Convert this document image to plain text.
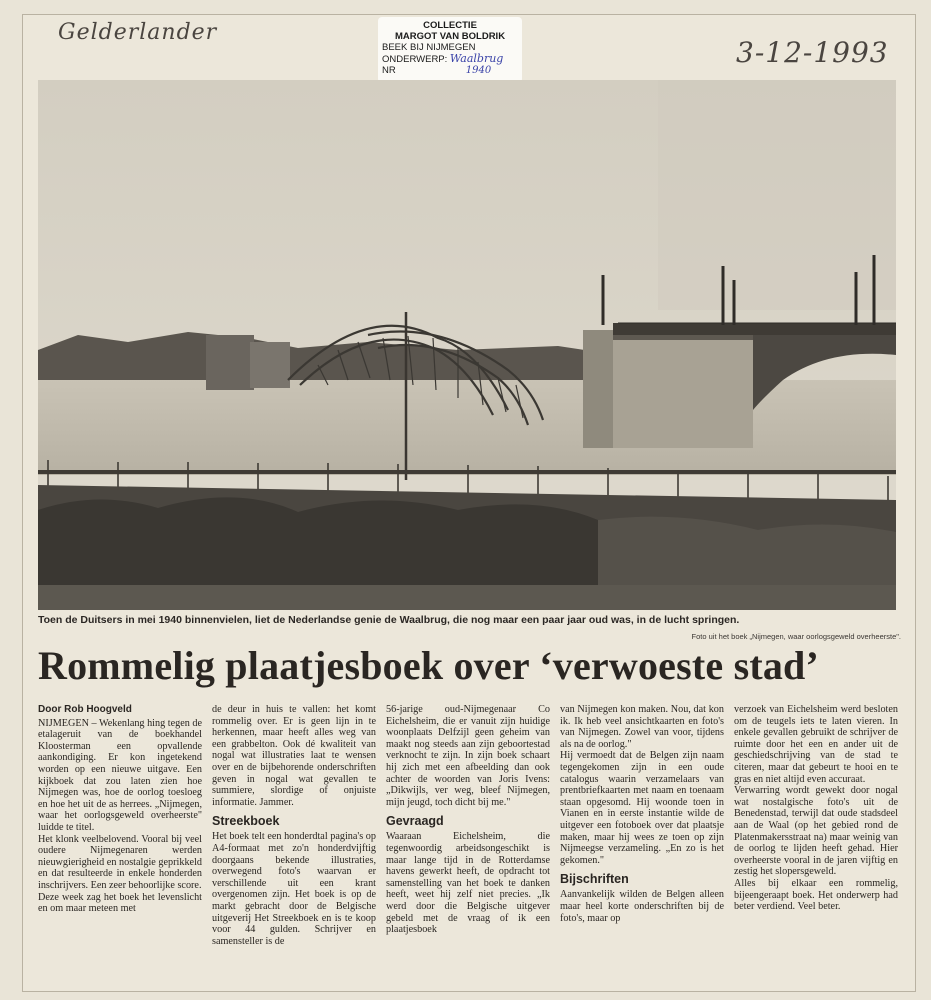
Gelderlander
3-12-1993
COLLECTIE
MARGOT VAN BOLDRIK
BEEK BIJ NIJMEGEN
ONDERWERP: Waalbrug
NR	1940
Toen de Duitsers in mei 1940 binnenvielen, liet de Nederlandse genie de Waalbrug, die nog maar een paar jaar oud was, in de lucht springen.
Foto uit het boek „Nijmegen, waar oorlogsgeweld overheerste".
Rommelig plaatjesboek over ‘verwoeste stad’

Door Rob Hoogveld

NIJMEGEN – Wekenlang hing tegen de etalageruit van de boekhandel Kloosterman een opvallende aankondiging. Er kon ingetekend worden op een nieuwe uitgave. Een kijkboek dat zou laten zien hoe Nijmegen was, hoe de oorlog toesloeg en hoe het uit de as herrees. „Nijmegen, waar het oorlogsgeweld overheerste" luidde te titel.

Het klonk veelbelovend. Vooral bij veel oudere Nijmegenaren werden nieuwgierigheid en nostalgie geprikkeld en dat resulteerde in enkele honderden inschrijvers. Een zeer behoorlijke score.

Deze week zag het boek het levenslicht en om maar meteen met

de deur in huis te vallen: het komt rommelig over. Er is geen lijn in te herkennen, maar heeft alles weg van een grabbelton. Ook dé kwaliteit van nogal wat illustraties laat te wensen over en de bijbehorende onderschriften geven in nogal wat gevallen te summiere, slordige of onjuiste informatie. Jammer.

Streekboek

Het boek telt een honderdtal pagina's op A4-formaat met zo'n honderdvijftig doorgaans bekende illustraties, overwegend foto's waarvan er verschillende uit een krant overgenomen zijn. Het boek is op de markt gebracht door de Belgische uitgeverij Het Streekboek en is te koop voor 44 gulden. Schrijver en samensteller is de

56-jarige oud-Nijmegenaar Co Eichelsheim, die er vanuit zijn huidige woonplaats Delfzijl geen geheim van maakt nog steeds aan zijn geboortestad verknocht te zijn. In zijn boek schaart hij zich met een afbeelding dan ook achter de woorden van Joris Ivens: „Dikwijls, ver weg, bleef Nijmegen, mijn jeugd, toch dicht bij me."

Gevraagd

Waaraan Eichelsheim, die tegenwoordig arbeidsongeschikt is maar lange tijd in de Rotterdamse havens gewerkt heeft, de opdracht tot samenstelling van het boek te danken heeft, weet hij zelf niet precies. „Ik werd door die Belgische uitgever gebeld met de vraag of ik een plaatjesboek

van Nijmegen kon maken. Nou, dat kon ik. Ik heb veel ansichtkaarten en foto's van Nijmegen. Zowel van voor, tijdens als na de oorlog."

Hij vermoedt dat de Belgen zijn naam tegengekomen zijn in een oude catalogus waarin verzamelaars van prentbriefkaarten met naam en toenaam staan opgesomd. Hij woonde toen in Vianen en in eerste instantie wilde de uitgever een fotoboek over dat plaatsje maken, maar hij wees ze toen op zijn Nijmeegse verzameling. „En zo is het gekomen."

Bijschriften

Aanvankelijk wilden de Belgen alleen maar heel korte onderschriften bij de foto's, maar op

verzoek van Eichelsheim werd besloten om de teugels iets te laten vieren. In enkele gevallen gebruikt de schrijver de ruimte door het een en ander uit de geschiedschrijving van de stad te citeren, maar dat gebeurt te hooi en te gras en niet altijd even accuraat.

Verwarring wordt gewekt door nogal wat nostalgische foto's uit de Benedenstad, terwijl dat oude stadsdeel aan de Waal (op het gebied rond de Platenmakersstraat na) maar weinig van de oorlog te lijden heeft gehad. Hier overheerste vooral in de jaren vijftig en zestig het slopersgeweld.

Alles bij elkaar een rommelig, bijeengeraapt boek. Het onderwerp had beter verdiend. Veel beter.
